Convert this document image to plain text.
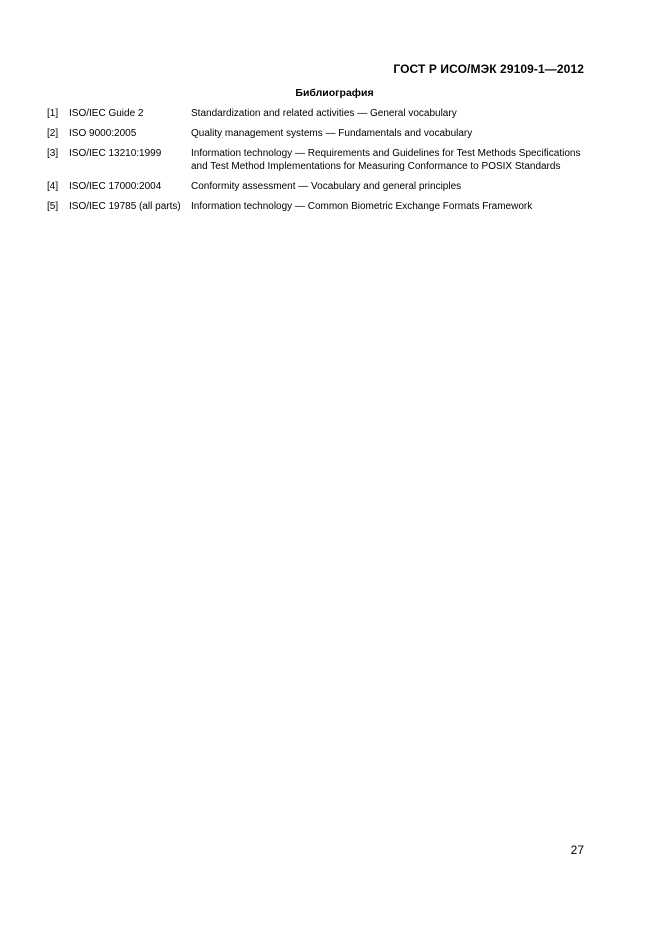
ГОСТ Р ИСО/МЭК 29109-1—2012
Библиография
[1]	ISO/IEC Guide 2	Standardization and related activities — General vocabulary
[2]	ISO 9000:2005	Quality management systems — Fundamentals and vocabulary
[3]	ISO/IEC 13210:1999	Information technology — Requirements and Guidelines for Test Methods Specifications and Test Method Implementations for Measuring Conformance to POSIX Standards
[4]	ISO/IEC 17000:2004	Conformity assessment — Vocabulary and general principles
[5]	ISO/IEC 19785 (all parts)	Information technology — Common Biometric Exchange Formats Framework
27
